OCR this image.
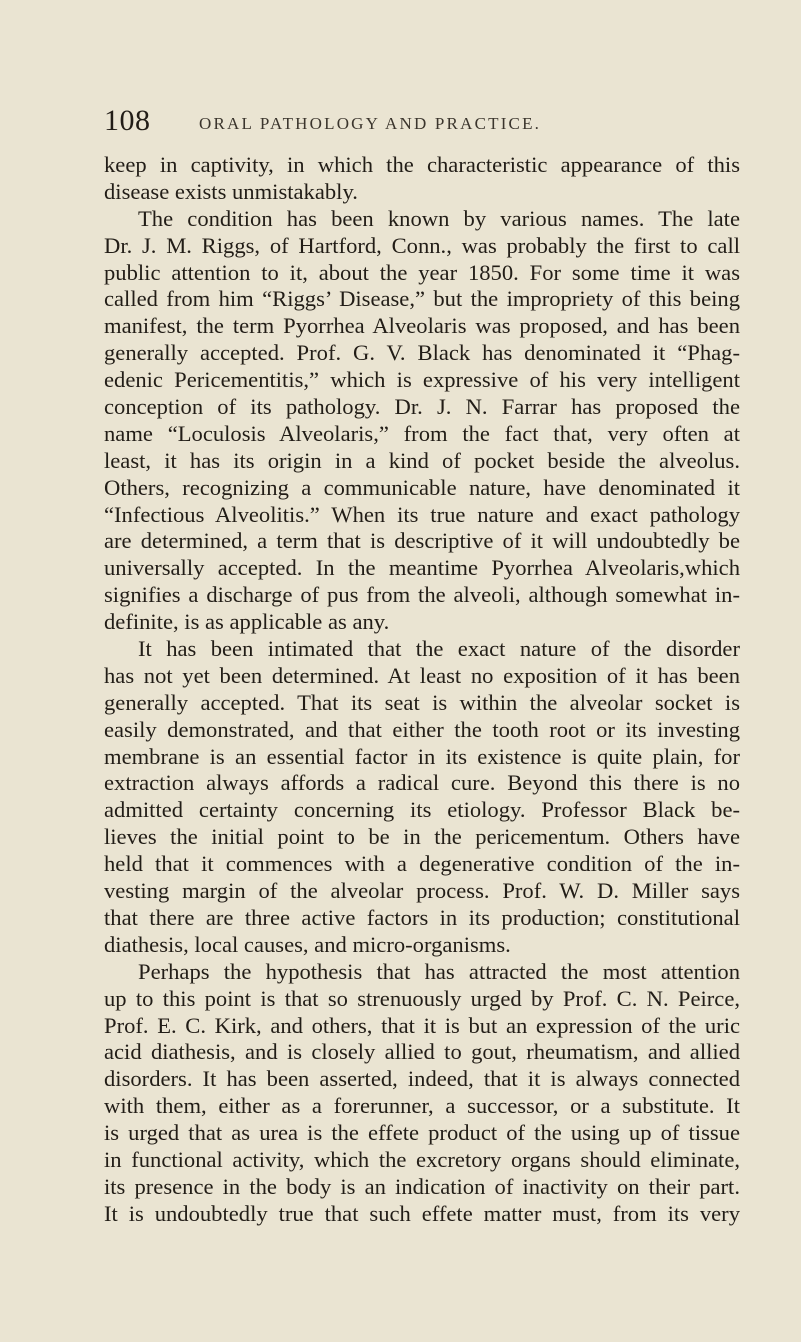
108	ORAL PATHOLOGY AND PRACTICE.
keep in captivity, in which the characteristic appearance of this
disease exists unmistakably.
The condition has been known by various names. The late
Dr. J. M. Riggs, of Hartford, Conn., was probably the first to call
public attention to it, about the year 1850. For some time it was
called from him “Riggs’ Disease,” but the impropriety of this being
manifest, the term Pyorrhea Alveolaris was proposed, and has been
generally accepted. Prof. G. V. Black has denominated it “Phag-
edenic Pericementitis,” which is expressive of his very intelligent
conception of its pathology. Dr. J. N. Farrar has proposed the
name “Loculosis Alveolaris,” from the fact that, very often at
least, it has its origin in a kind of pocket beside the alveolus.
Others, recognizing a communicable nature, have denominated it
“Infectious Alveolitis.” When its true nature and exact pathology
are determined, a term that is descriptive of it will undoubtedly be
universally accepted. In the meantime Pyorrhea Alveolaris,which
signifies a discharge of pus from the alveoli, although somewhat in-
definite, is as applicable as any.
It has been intimated that the exact nature of the disorder
has not yet been determined. At least no exposition of it has been
generally accepted. That its seat is within the alveolar socket is
easily demonstrated, and that either the tooth root or its investing
membrane is an essential factor in its existence is quite plain, for
extraction always affords a radical cure. Beyond this there is no
admitted certainty concerning its etiology. Professor Black be-
lieves the initial point to be in the pericementum. Others have
held that it commences with a degenerative condition of the in-
vesting margin of the alveolar process. Prof. W. D. Miller says
that there are three active factors in its production; constitutional
diathesis, local causes, and micro-organisms.
Perhaps the hypothesis that has attracted the most attention
up to this point is that so strenuously urged by Prof. C. N. Peirce,
Prof. E. C. Kirk, and others, that it is but an expression of the uric
acid diathesis, and is closely allied to gout, rheumatism, and allied
disorders. It has been asserted, indeed, that it is always connected
with them, either as a forerunner, a successor, or a substitute. It
is urged that as urea is the effete product of the using up of tissue
in functional activity, which the excretory organs should eliminate,
its presence in the body is an indication of inactivity on their part.
It is undoubtedly true that such effete matter must, from its very
